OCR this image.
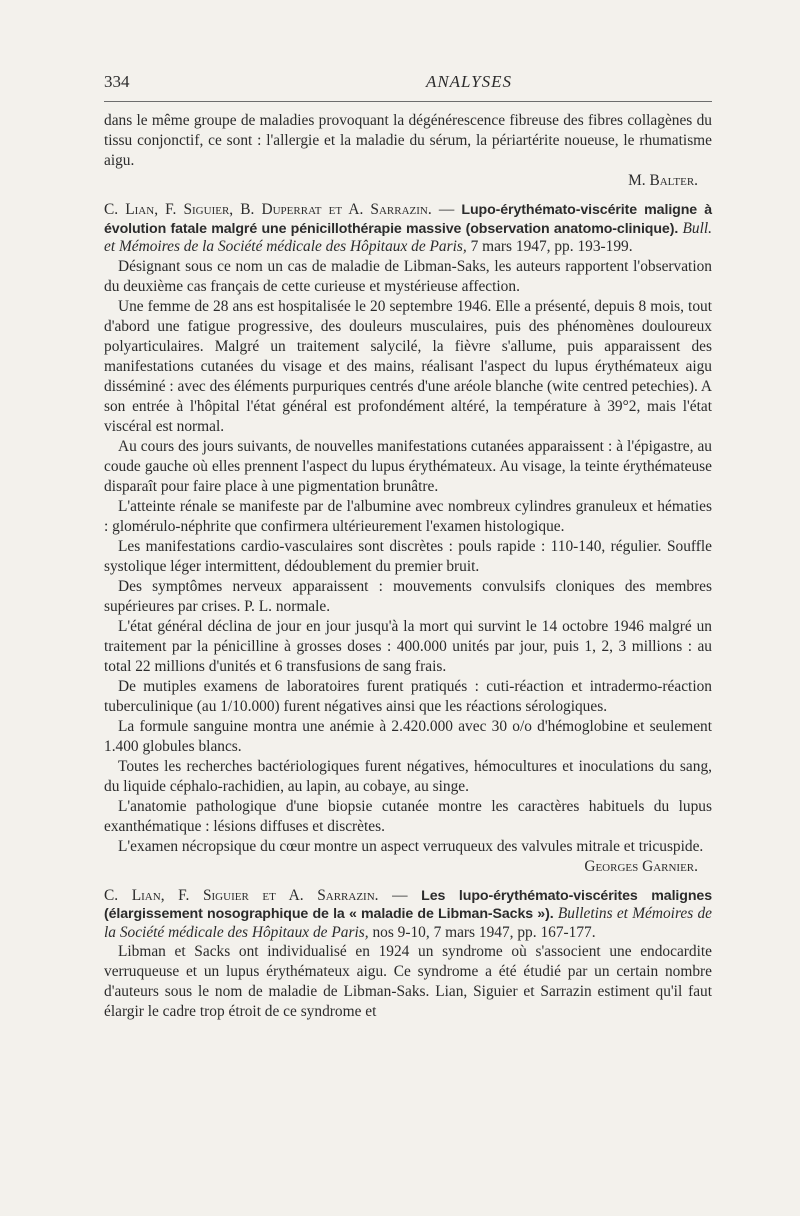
334	ANALYSES

dans le même groupe de maladies provoquant la dégénérescence fibreuse des fibres collagènes du tissu conjonctif, ce sont : l'allergie et la maladie du sérum, la périartérite noueuse, le rhumatisme aigu.

M. Balter.

C. Lian, F. Siguier, B. Duperrat et A. Sarrazin. — Lupo-érythémato-viscérite maligne à évolution fatale malgré une pénicillothérapie massive (observation anatomo-clinique). Bull. et Mémoires de la Société médicale des Hôpitaux de Paris, 7 mars 1947, pp. 193-199.

Désignant sous ce nom un cas de maladie de Libman-Saks, les auteurs rapportent l'observation du deuxième cas français de cette curieuse et mystérieuse affection.

Une femme de 28 ans est hospitalisée le 20 septembre 1946. Elle a présenté, depuis 8 mois, tout d'abord une fatigue progressive, des douleurs musculaires, puis des phénomènes douloureux polyarticulaires. Malgré un traitement salycilé, la fièvre s'allume, puis apparaissent des manifestations cutanées du visage et des mains, réalisant l'aspect du lupus érythémateux aigu disséminé : avec des éléments purpuriques centrés d'une aréole blanche (wite centred petechies). A son entrée à l'hôpital l'état général est profondément altéré, la température à 39°2, mais l'état viscéral est normal.

Au cours des jours suivants, de nouvelles manifestations cutanées apparaissent : à l'épigastre, au coude gauche où elles prennent l'aspect du lupus érythémateux. Au visage, la teinte érythémateuse disparaît pour faire place à une pigmentation brunâtre.

L'atteinte rénale se manifeste par de l'albumine avec nombreux cylindres granuleux et hématies : glomérulo-néphrite que confirmera ultérieurement l'examen histologique.

Les manifestations cardio-vasculaires sont discrètes : pouls rapide : 110-140, régulier. Souffle systolique léger intermittent, dédoublement du premier bruit.

Des symptômes nerveux apparaissent : mouvements convulsifs cloniques des membres supérieures par crises. P. L. normale.

L'état général déclina de jour en jour jusqu'à la mort qui survint le 14 octobre 1946 malgré un traitement par la pénicilline à grosses doses : 400.000 unités par jour, puis 1, 2, 3 millions : au total 22 millions d'unités et 6 transfusions de sang frais.

De mutiples examens de laboratoires furent pratiqués : cuti-réaction et intradermo-réaction tuberculinique (au 1/10.000) furent négatives ainsi que les réactions sérologiques.

La formule sanguine montra une anémie à 2.420.000 avec 30 o/o d'hémoglobine et seulement 1.400 globules blancs.

Toutes les recherches bactériologiques furent négatives, hémocultures et inoculations du sang, du liquide céphalo-rachidien, au lapin, au cobaye, au singe.

L'anatomie pathologique d'une biopsie cutanée montre les caractères habituels du lupus exanthématique : lésions diffuses et discrètes.

L'examen nécropsique du cœur montre un aspect verruqueux des valvules mitrale et tricuspide.

Georges Garnier.

C. Lian, F. Siguier et A. Sarrazin. — Les lupo-érythémato-viscérites malignes (élargissement nosographique de la « maladie de Libman-Sacks »). Bulletins et Mémoires de la Société médicale des Hôpitaux de Paris, nos 9-10, 7 mars 1947, pp. 167-177.

Libman et Sacks ont individualisé en 1924 un syndrome où s'associent une endocardite verruqueuse et un lupus érythémateux aigu. Ce syndrome a été étudié par un certain nombre d'auteurs sous le nom de maladie de Libman-Saks. Lian, Siguier et Sarrazin estiment qu'il faut élargir le cadre trop étroit de ce syndrome et
